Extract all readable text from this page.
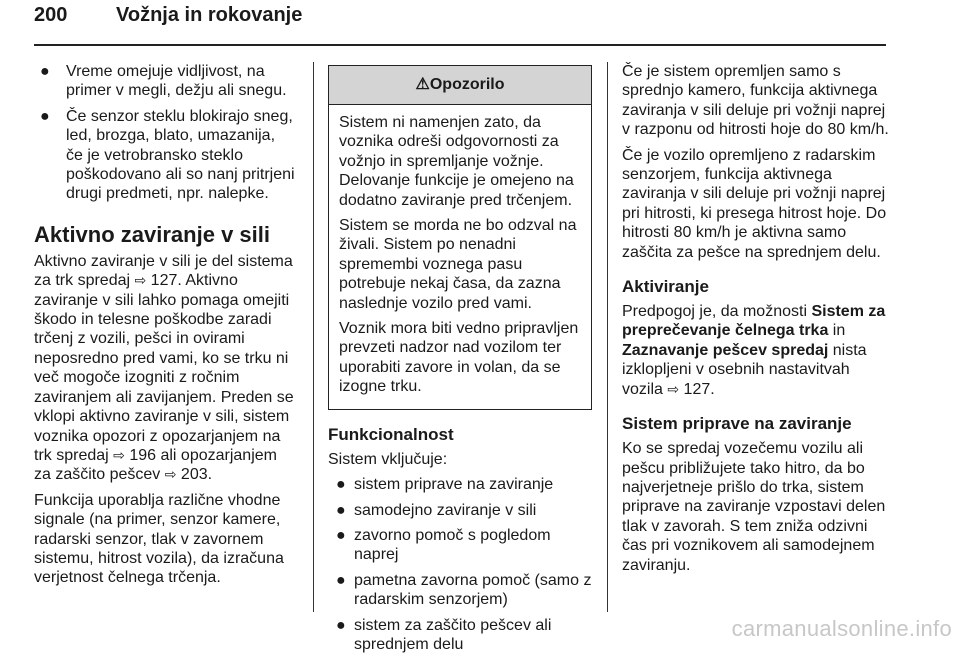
200 Vožnja in rokovanje
● Vreme omejuje vidljivost, na primer v megli, dežju ali snegu.
● Če senzor steklu blokirajo sneg, led, brozga, blato, umazanija, če je vetrobransko steklo poškodovano ali so nanj pritrjeni drugi predmeti, npr. nalepke.
Aktivno zaviranje v sili

Aktivno zaviranje v sili je del sistema za trk spredaj ⇨ 127. Aktivno zaviranje v sili lahko pomaga omejiti škodo in telesne poškodbe zaradi trčenj z vozili, pešci in ovirami neposredno pred vami, ko se trku ni več mogoče izogniti z ročnim zaviranjem ali zavijanjem. Preden se vklopi aktivno zaviranje v sili, sistem voznika opozori z opozarjanjem na trk spredaj ⇨ 196 ali opozarjanjem za zaščito pešcev ⇨ 203.

Funkcija uporablja različne vhodne signale (na primer, senzor kamere, radarski senzor, tlak v zavornem sistemu, hitrost vozila), da izračuna verjetnost čelnega trčenja.

⚠Opozorilo

Sistem ni namenjen zato, da voznika odreši odgovornosti za vožnjo in spremljanje vožnje. Delovanje funkcije je omejeno na dodatno zaviranje pred trčenjem.

Sistem se morda ne bo odzval na živali. Sistem po nenadni spremembi voznega pasu potrebuje nekaj časa, da zazna naslednje vozilo pred vami.

Voznik mora biti vedno pripravljen prevzeti nadzor nad vozilom ter uporabiti zavore in volan, da se izogne trku.

Funkcionalnost

Sistem vključuje:

● sistem priprave na zaviranje
● samodejno zaviranje v sili
● zavorno pomoč s pogledom naprej
● pametna zavorna pomoč (samo z radarskim senzorjem)
● sistem za zaščito pešcev ali sprednjem delu

Če je sistem opremljen samo s sprednjo kamero, funkcija aktivnega zaviranja v sili deluje pri vožnji naprej v razponu od hitrosti hoje do 80 km/h.

Če je vozilo opremljeno z radarskim senzorjem, funkcija aktivnega zaviranja v sili deluje pri vožnji naprej pri hitrosti, ki presega hitrost hoje. Do hitrosti 80 km/h je aktivna samo zaščita za pešce na sprednjem delu.

Aktiviranje

Predpogoj je, da možnosti Sistem za preprečevanje čelnega trka in Zaznavanje pešcev spredaj nista izklopljeni v osebnih nastavitvah vozila ⇨ 127.

Sistem priprave na zaviranje

Ko se spredaj vozečemu vozilu ali pešcu približujete tako hitro, da bo najverjetneje prišlo do trka, sistem priprave na zaviranje vzpostavi delen tlak v zavorah. S tem zniža odzivni čas pri voznikovem ali samodejnem zaviranju.

carmanualsonline.info
